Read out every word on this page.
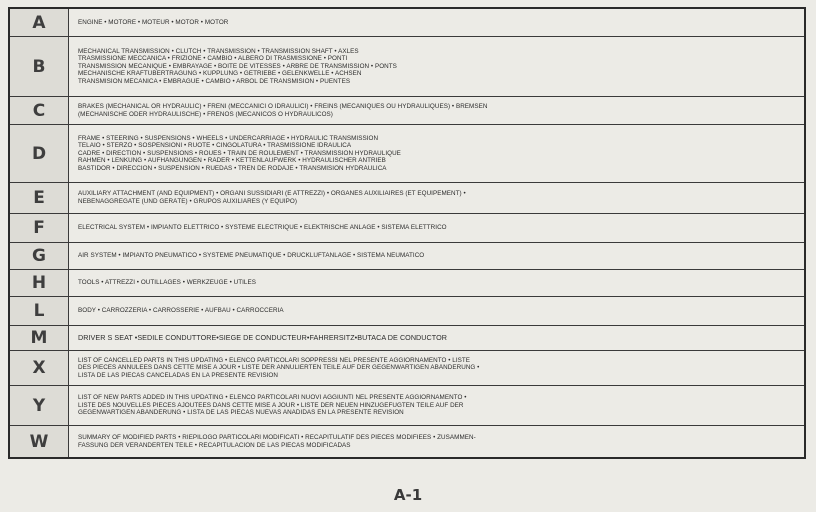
A	ENGINE • MOTORE • MOTEUR • MOTOR • MOTOR

B	MECHANICAL TRANSMISSION • CLUTCH • TRANSMISSION • TRANSMISSION SHAFT • AXLES
TRASMISSIONE MECCANICA • FRIZIONE • CAMBIO • ALBERO DI TRASMISSIONE • PONTI
TRANSMISSION MECANIQUE • EMBRAYAGE • BOITE DE VITESSES • ARBRE DE TRANSMISSION • PONTS
MECHANISCHE KRAFTÜBERTRAGUNG • KUPPLUNG • GETRIEBE • GELENKWELLE • ACHSEN
TRANSMISION MECANICA • EMBRAGUE • CAMBIO • ARBOL DE TRANSMISION • PUENTES

C	BRAKES (MECHANICAL OR HYDRAULIC) • FRENI (MECCANICI O IDRAULICI) • FREINS (MECANIQUES OU HYDRAULIQUES) • BREMSEN
(MECHANISCHE ODER HYDRAULISCHE) • FRENOS (MECANICOS O HYDRAULICOS)

D	FRAME • STEERING • SUSPENSIONS • WHEELS • UNDERCARRIAGE • HYDRAULIC TRANSMISSION
TELAIO • STERZO • SOSPENSIONI • RUOTE • CINGOLATURA • TRASMISSIONE IDRAULICA
CADRE • DIRECTION • SUSPENSIONS • ROUES • TRAIN DE ROULEMENT • TRANSMISSION HYDRAULIQUE
RAHMEN • LENKUNG • AUFHÄNGUNGEN • RÄDER • KETTENLAUFWERK • HYDRAULISCHER ANTRIEB
BASTIDOR • DIRECCIÓN • SUSPENSIÓN • RUEDAS • TREN DE RODAJE • TRANSMISIÓN HYDRÁULICA

E	AUXILIARY ATTACHMENT (AND EQUIPMENT) • ORGANI SUSSIDIARI (E ATTREZZI) • ORGANES AUXILIAIRES (ET EQUIPEMENT) •
NEBENAGGREGATE (UND GERÄTE) • GRUPOS AUXILIARES (Y EQUIPO)

F	ELECTRICAL SYSTEM • IMPIANTO ELETTRICO • SYSTEME ELECTRIQUE • ELEKTRISCHE ANLAGE • SISTEMA ELETTRICO

G	AIR SYSTEM • IMPIANTO PNEUMATICO • SYSTEME PNEUMATIQUE • DRUCKLUFTANLAGE • SISTEMA NEUMATICO

H	TOOLS • ATTREZZI • OUTILLAGES • WERKZEUGE • UTILES

L	BODY • CARROZZERIA • CARROSSERIE • AUFBAU • CARROCCERIA

M	DRIVER S SEAT •SEDILE CONDUTTORE•SIEGE DE CONDUCTEUR•FAHRERSITZ•BUTACA DE CONDUCTOR

X	LIST OF CANCELLED PARTS IN THIS UPDATING • ELENCO PARTICOLARI SOPPRESSI NEL PRESENTE AGGIORNAMENTO • LISTE
DES PIECES ANNULEES DANS CETTE MISE A JOUR • LISTE DER ANNULIERTEN TEILE AUF DER GEGENWARTIGEN ABÄNDERUNG •
LISTA DE LAS PIECAS CANCELADAS EN LA PRESENTE REVISION

Y	LIST OF NEW PARTS ADDED IN THIS UPDATING • ELENCO PARTICOLARI NUOVI AGGIUNTI NEL PRESENTE AGGIORNAMENTO •
LISTE DES NOUVELLES PIECES AJOUTEES DANS CETTE MISE A JOUR • LISTE DER NEUEN HINZUGEFUGTEN TEILE AUF DER
GEGENWARTIGEN ABÄNDERUNG • LISTA DE LAS PIECAS NUEVAS AÑADIDAS EN LA PRESENTE REVISION

W	SUMMARY OF MODIFIED PARTS • RIEPILOGO PARTICOLARI MODIFICATI • RECAPITULATIF DES PIECES MODIFIEES • ZUSAMMEN-
FASSUNG DER VERÄNDERTEN TEILE • RECAPITULACION DE LAS PIECAS MODIFICADAS
A-1
